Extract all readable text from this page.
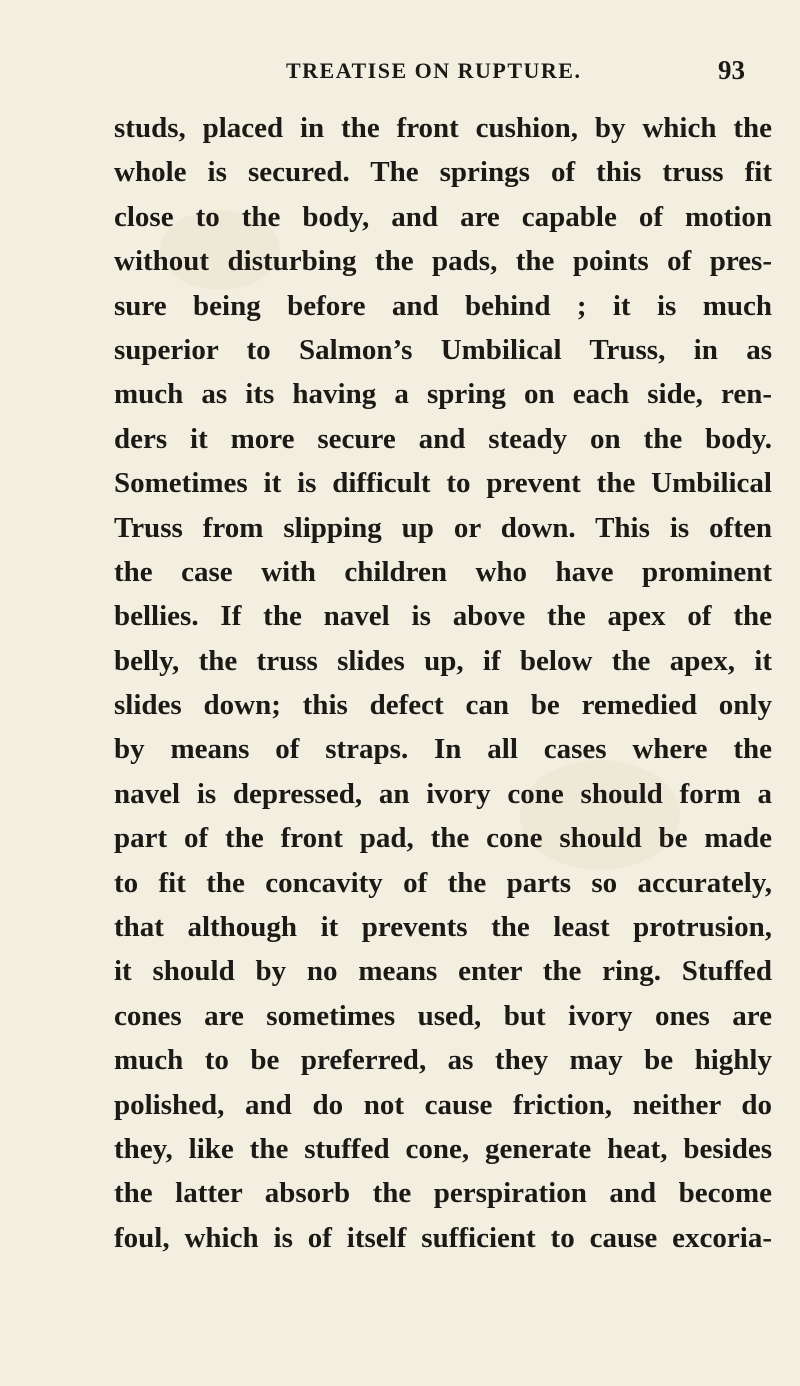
TREATISE ON RUPTURE.	93
studs, placed in the front cushion, by which the
whole is secured. The springs of this truss fit
close to the body, and are capable of motion
without disturbing the pads, the points of pres-
sure being before and behind ; it is much
superior to Salmon’s Umbilical Truss, in as
much as its having a spring on each side, ren-
ders it more secure and steady on the body.
Sometimes it is difficult to prevent the Umbilical
Truss from slipping up or down. This is often
the case with children who have prominent
bellies. If the navel is above the apex of the
belly, the truss slides up, if below the apex, it
slides down; this defect can be remedied only
by means of straps. In all cases where the
navel is depressed, an ivory cone should form a
part of the front pad, the cone should be made
to fit the concavity of the parts so accurately,
that although it prevents the least protrusion,
it should by no means enter the ring. Stuffed
cones are sometimes used, but ivory ones are
much to be preferred, as they may be highly
polished, and do not cause friction, neither do
they, like the stuffed cone, generate heat, besides
the latter absorb the perspiration and become
foul, which is of itself sufficient to cause excoria-
